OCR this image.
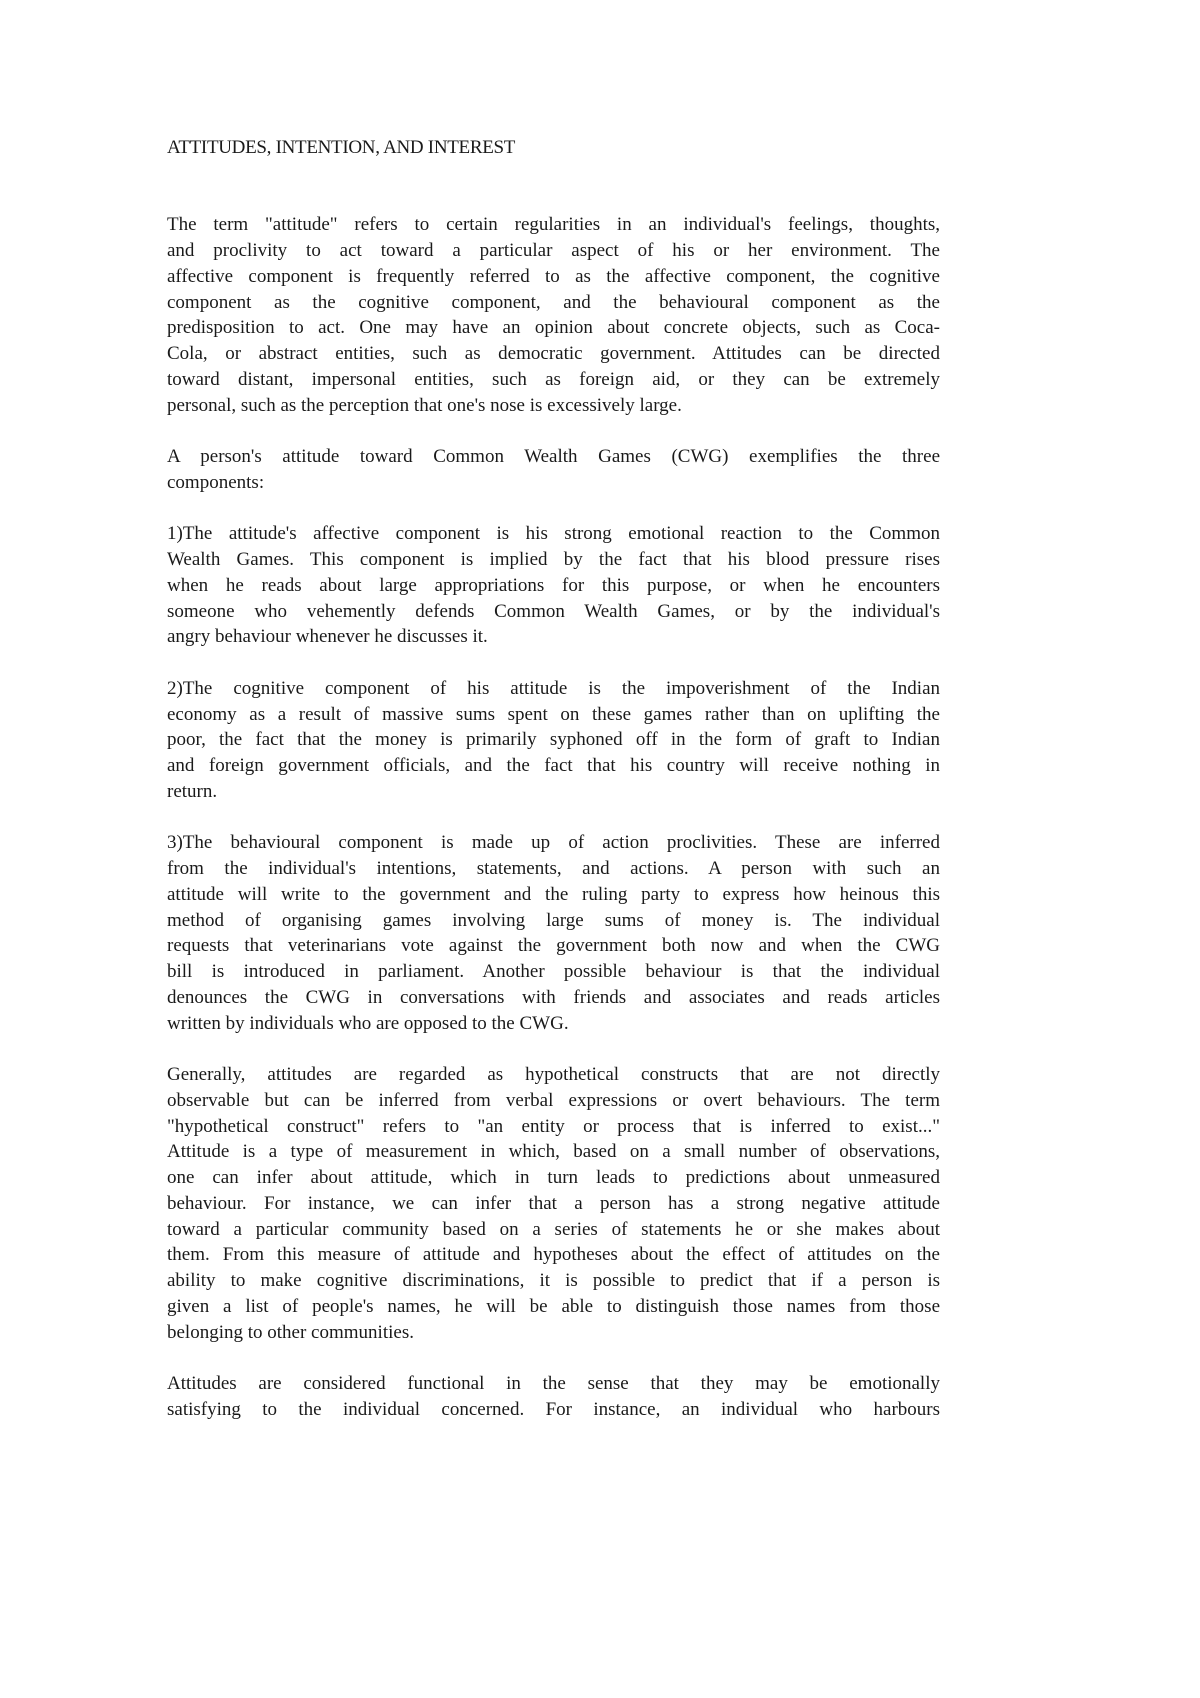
ATTITUDES, INTENTION, AND INTEREST
The term "attitude" refers to certain regularities in an individual's feelings, thoughts,
and proclivity to act toward a particular aspect of his or her environment. The
affective component is frequently referred to as the affective component, the cognitive
component as the cognitive component, and the behavioural component as the
predisposition to act. One may have an opinion about concrete objects, such as Coca-
Cola, or abstract entities, such as democratic government. Attitudes can be directed
toward distant, impersonal entities, such as foreign aid, or they can be extremely
personal, such as the perception that one's nose is excessively large.
A person's attitude toward Common Wealth Games (CWG) exemplifies the three
components:
1)The attitude's affective component is his strong emotional reaction to the Common
Wealth Games. This component is implied by the fact that his blood pressure rises
when he reads about large appropriations for this purpose, or when he encounters
someone who vehemently defends Common Wealth Games, or by the individual's
angry behaviour whenever he discusses it.
2)The cognitive component of his attitude is the impoverishment of the Indian
economy as a result of massive sums spent on these games rather than on uplifting the
poor, the fact that the money is primarily syphoned off in the form of graft to Indian
and foreign government officials, and the fact that his country will receive nothing in
return.
3)The behavioural component is made up of action proclivities. These are inferred
from the individual's intentions, statements, and actions. A person with such an
attitude will write to the government and the ruling party to express how heinous this
method of organising games involving large sums of money is. The individual
requests that veterinarians vote against the government both now and when the CWG
bill is introduced in parliament. Another possible behaviour is that the individual
denounces the CWG in conversations with friends and associates and reads articles
written by individuals who are opposed to the CWG.
Generally, attitudes are regarded as hypothetical constructs that are not directly
observable but can be inferred from verbal expressions or overt behaviours. The term
"hypothetical construct" refers to "an entity or process that is inferred to exist..."
Attitude is a type of measurement in which, based on a small number of observations,
one can infer about attitude, which in turn leads to predictions about unmeasured
behaviour. For instance, we can infer that a person has a strong negative attitude
toward a particular community based on a series of statements he or she makes about
them. From this measure of attitude and hypotheses about the effect of attitudes on the
ability to make cognitive discriminations, it is possible to predict that if a person is
given a list of people's names, he will be able to distinguish those names from those
belonging to other communities.
Attitudes are considered functional in the sense that they may be emotionally
satisfying to the individual concerned. For instance, an individual who harbours
